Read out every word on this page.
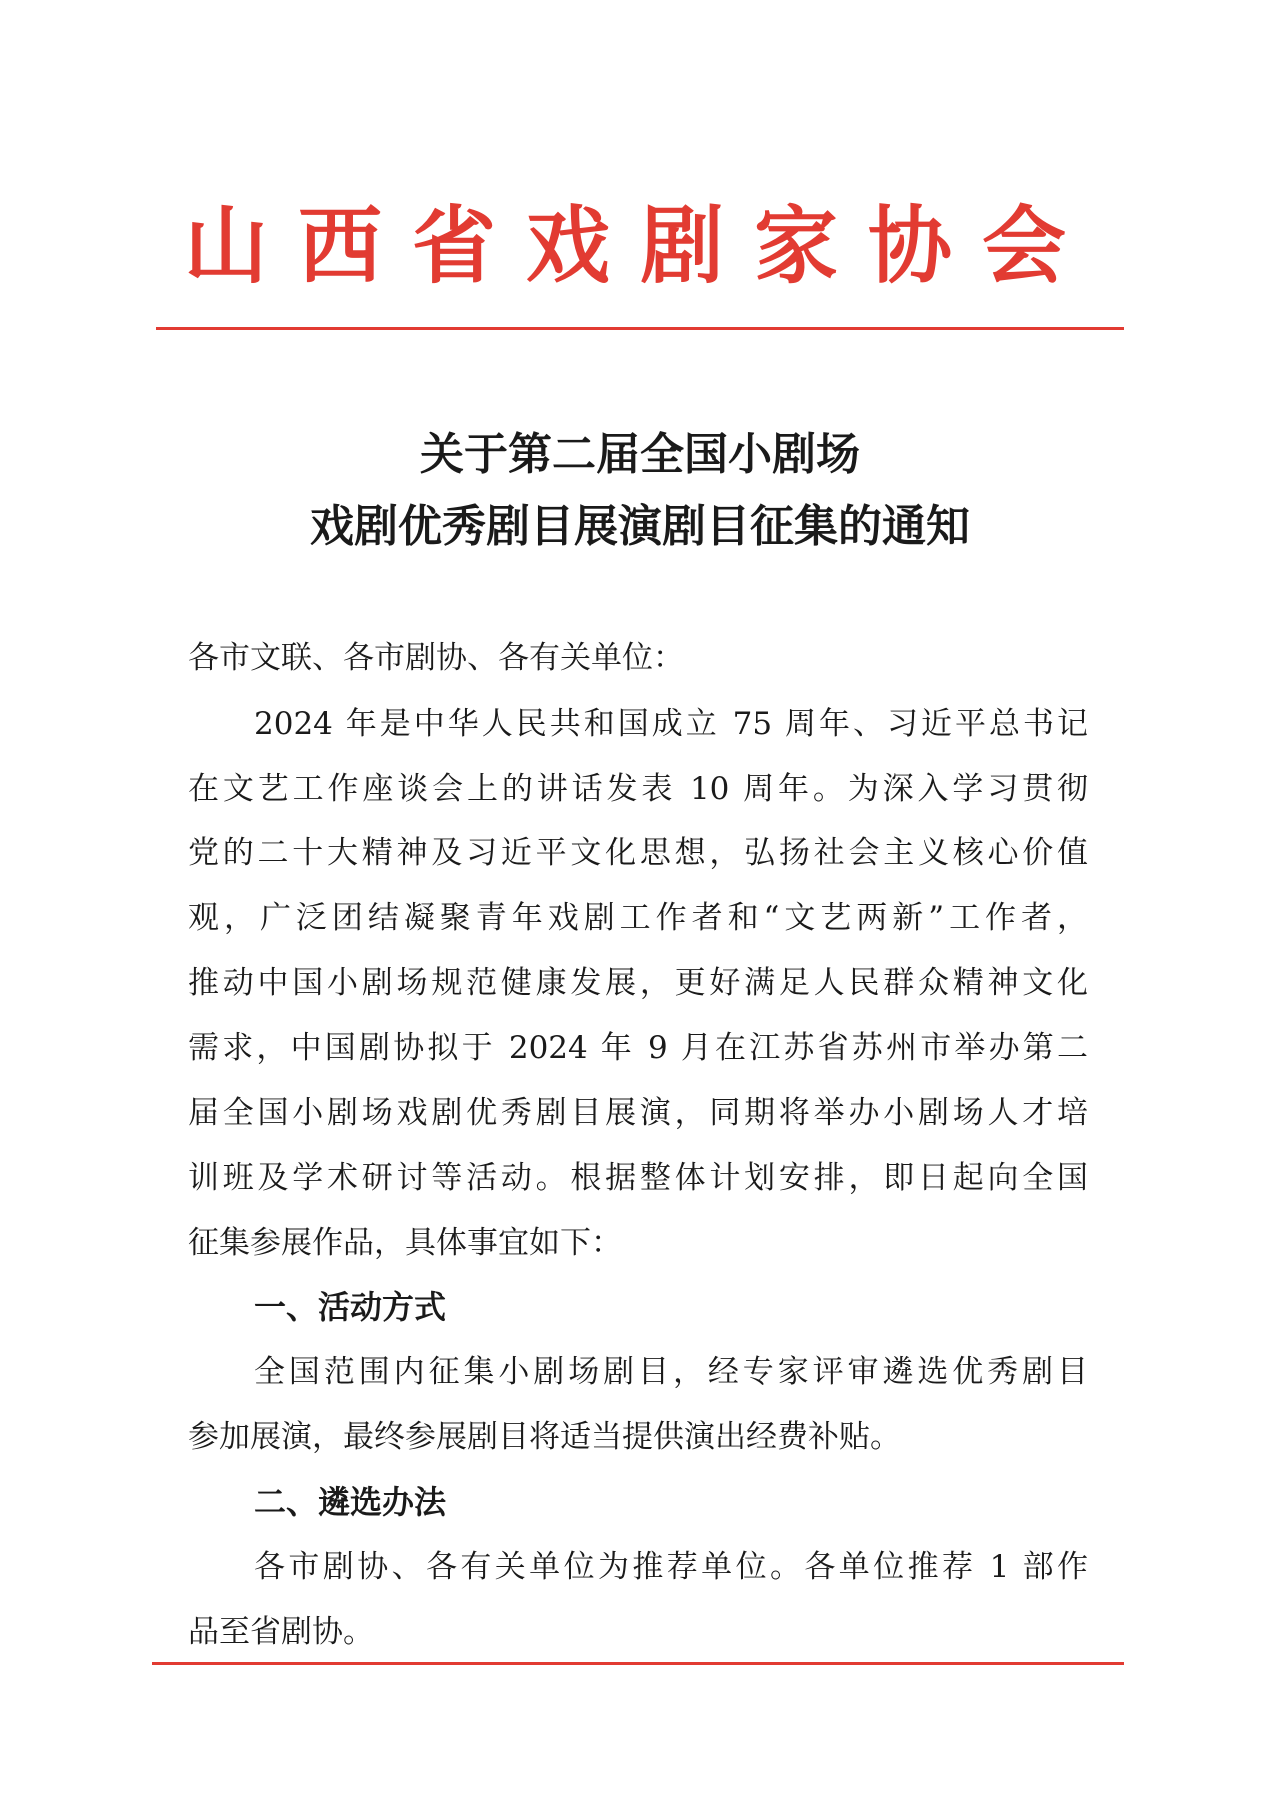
山西省戏剧家协会
关于第二届全国小剧场
戏剧优秀剧目展演剧目征集的通知
各市文联、各市剧协、各有关单位：
2024 年是中华人民共和国成立 75 周年、习近平总书记
在文艺工作座谈会上的讲话发表 10 周年。为深入学习贯彻
党的二十大精神及习近平文化思想，弘扬社会主义核心价值
观，广泛团结凝聚青年戏剧工作者和“文艺两新”工作者，
推动中国小剧场规范健康发展，更好满足人民群众精神文化
需求，中国剧协拟于 2024 年 9 月在江苏省苏州市举办第二
届全国小剧场戏剧优秀剧目展演，同期将举办小剧场人才培
训班及学术研讨等活动。根据整体计划安排，即日起向全国
征集参展作品，具体事宜如下：
一、活动方式
全国范围内征集小剧场剧目，经专家评审遴选优秀剧目
参加展演，最终参展剧目将适当提供演出经费补贴。
二、遴选办法
各市剧协、各有关单位为推荐单位。各单位推荐 1 部作
品至省剧协。
